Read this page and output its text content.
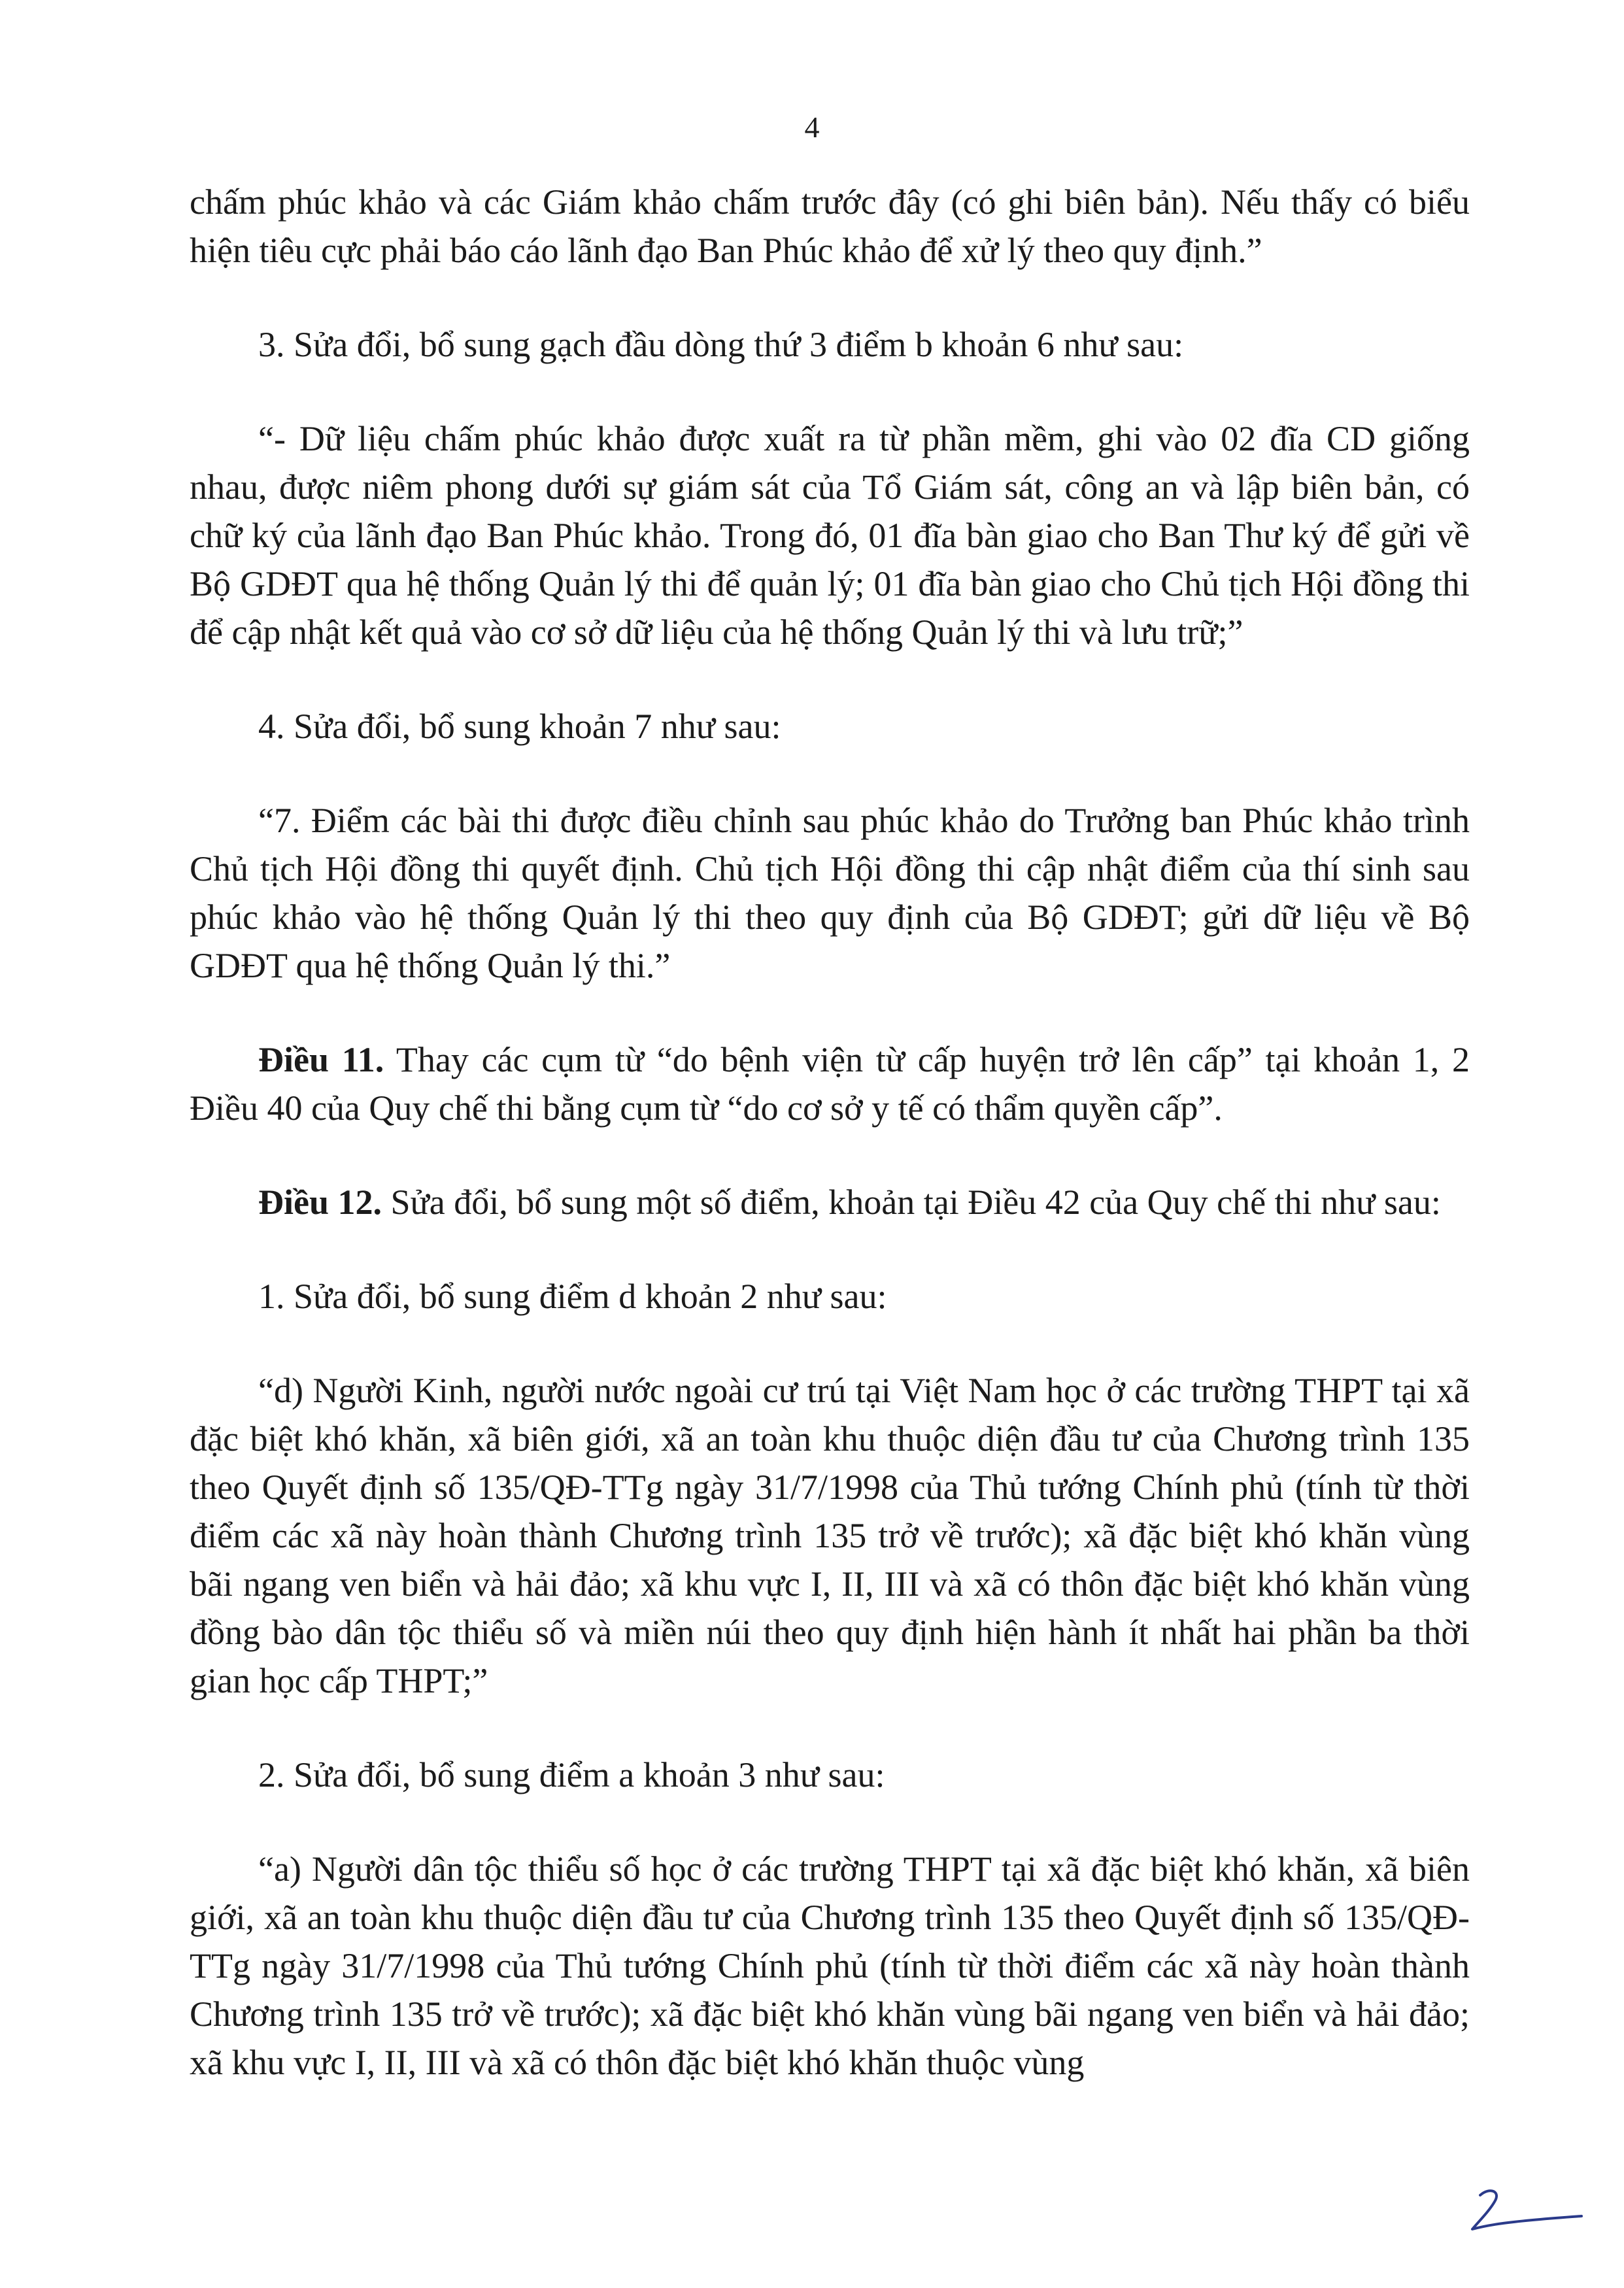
4

chấm phúc khảo và các Giám khảo chấm trước đây (có ghi biên bản). Nếu thấy có biểu hiện tiêu cực phải báo cáo lãnh đạo Ban Phúc khảo để xử lý theo quy định.”

3. Sửa đổi, bổ sung gạch đầu dòng thứ 3 điểm b khoản 6 như sau:

“- Dữ liệu chấm phúc khảo được xuất ra từ phần mềm, ghi vào 02 đĩa CD giống nhau, được niêm phong dưới sự giám sát của Tổ Giám sát, công an và lập biên bản, có chữ ký của lãnh đạo Ban Phúc khảo. Trong đó, 01 đĩa bàn giao cho Ban Thư ký để gửi về Bộ GDĐT qua hệ thống Quản lý thi để quản lý; 01 đĩa bàn giao cho Chủ tịch Hội đồng thi để cập nhật kết quả vào cơ sở dữ liệu của hệ thống Quản lý thi và lưu trữ;”

4. Sửa đổi, bổ sung khoản 7 như sau:

“7. Điểm các bài thi được điều chỉnh sau phúc khảo do Trưởng ban Phúc khảo trình Chủ tịch Hội đồng thi quyết định. Chủ tịch Hội đồng thi cập nhật điểm của thí sinh sau phúc khảo vào hệ thống Quản lý thi theo quy định của Bộ GDĐT; gửi dữ liệu về Bộ GDĐT qua hệ thống Quản lý thi.”

Điều 11. Thay các cụm từ “do bệnh viện từ cấp huyện trở lên cấp” tại khoản 1, 2 Điều 40 của Quy chế thi bằng cụm từ “do cơ sở y tế có thẩm quyền cấp”.

Điều 12. Sửa đổi, bổ sung một số điểm, khoản tại Điều 42 của Quy chế thi như sau:

1. Sửa đổi, bổ sung điểm d khoản 2 như sau:

“d) Người Kinh, người nước ngoài cư trú tại Việt Nam học ở các trường THPT tại xã đặc biệt khó khăn, xã biên giới, xã an toàn khu thuộc diện đầu tư của Chương trình 135 theo Quyết định số 135/QĐ-TTg ngày 31/7/1998 của Thủ tướng Chính phủ (tính từ thời điểm các xã này hoàn thành Chương trình 135 trở về trước); xã đặc biệt khó khăn vùng bãi ngang ven biển và hải đảo; xã khu vực I, II, III và xã có thôn đặc biệt khó khăn vùng đồng bào dân tộc thiểu số và miền núi theo quy định hiện hành ít nhất hai phần ba thời gian học cấp THPT;”

2. Sửa đổi, bổ sung điểm a khoản 3 như sau:

“a) Người dân tộc thiểu số học ở các trường THPT tại xã đặc biệt khó khăn, xã biên giới, xã an toàn khu thuộc diện đầu tư của Chương trình 135 theo Quyết định số 135/QĐ-TTg ngày 31/7/1998 của Thủ tướng Chính phủ (tính từ thời điểm các xã này hoàn thành Chương trình 135 trở về trước); xã đặc biệt khó khăn vùng bãi ngang ven biển và hải đảo; xã khu vực I, II, III và xã có thôn đặc biệt khó khăn thuộc vùng
